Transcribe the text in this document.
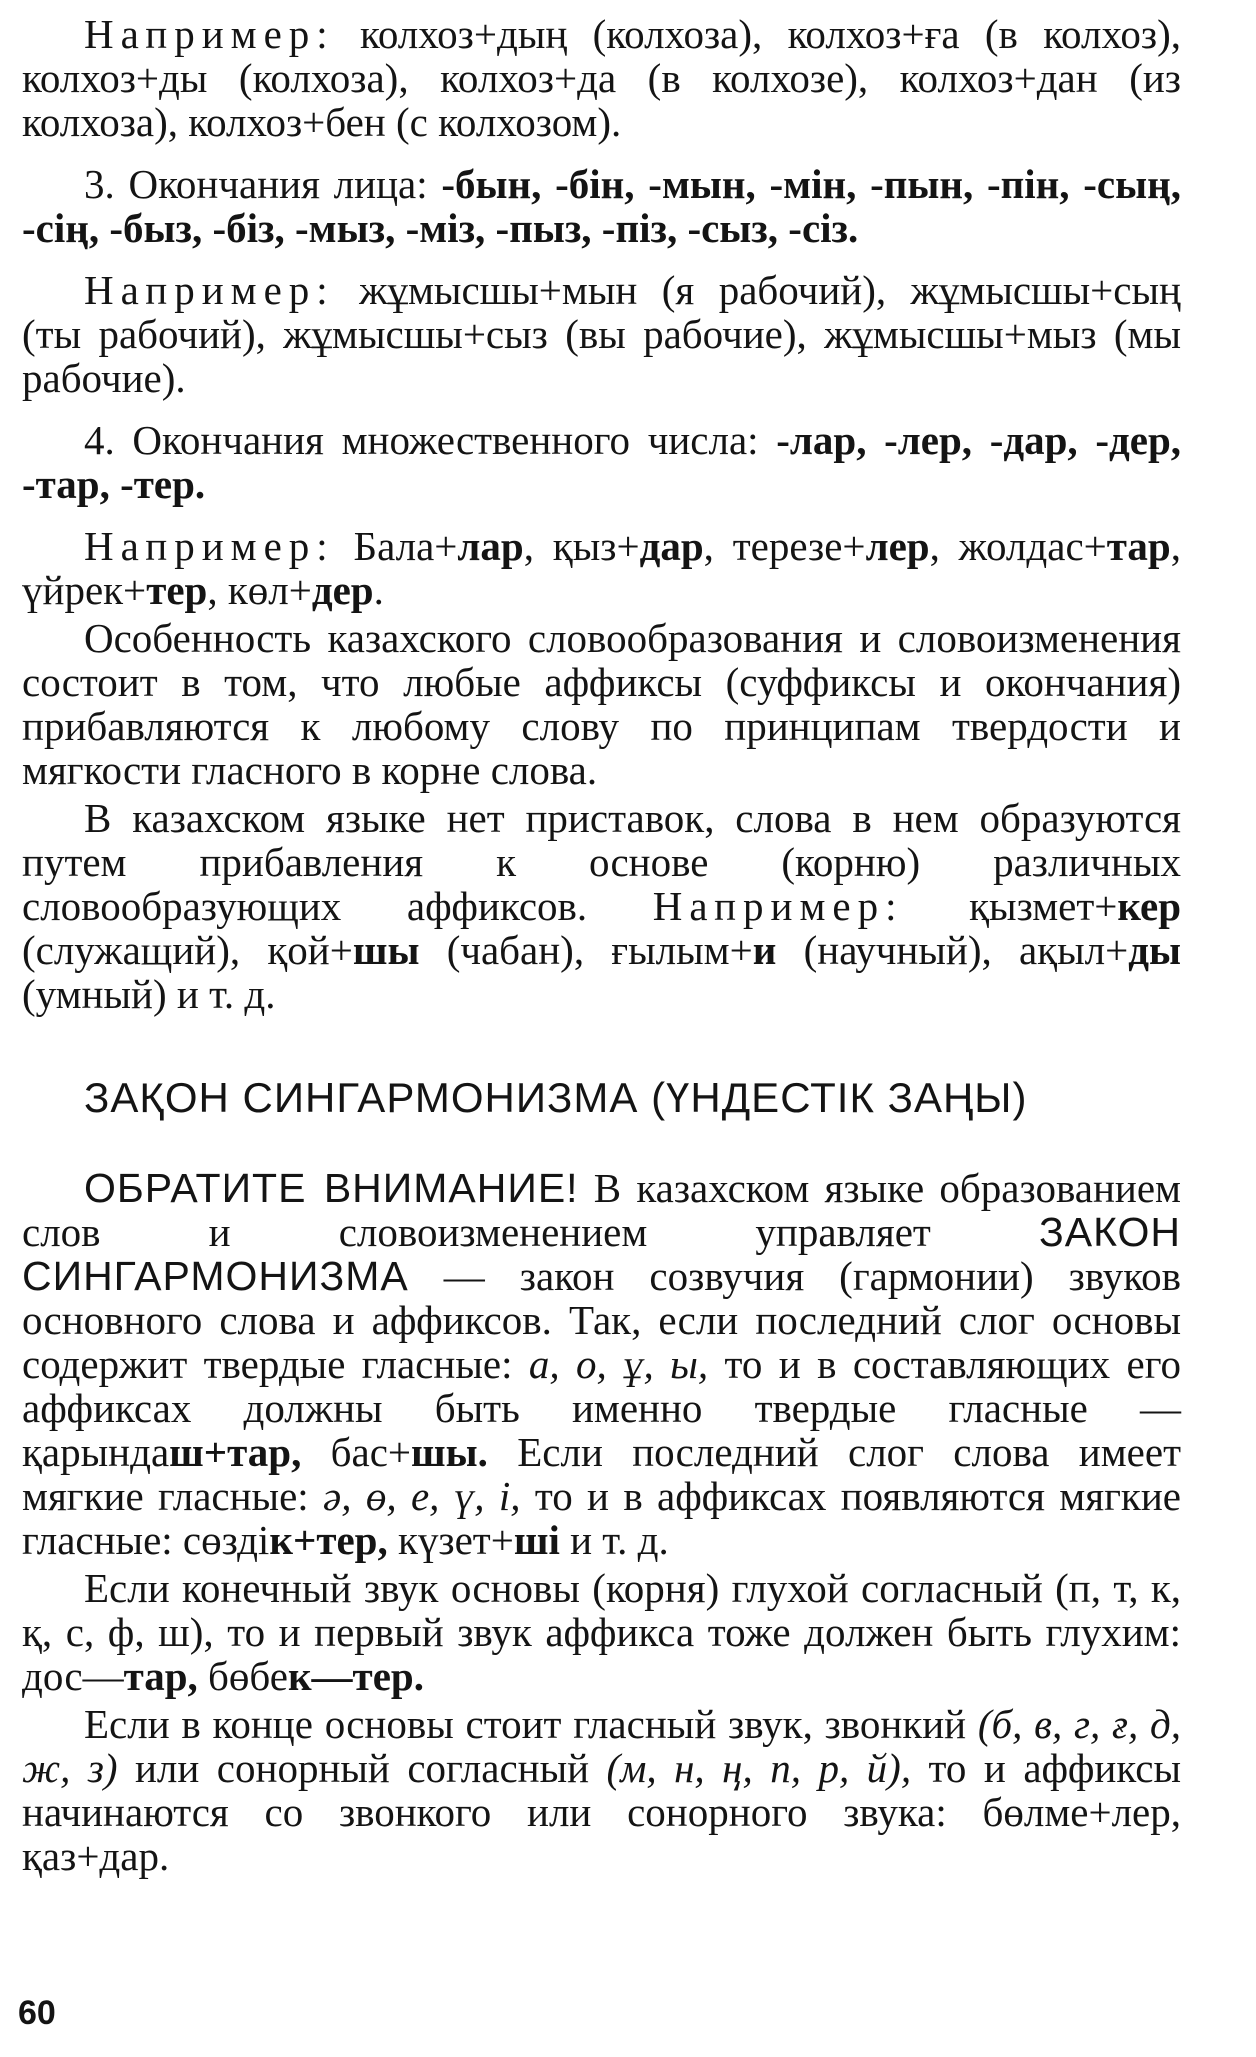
Например: колхоз+дың (колхоза), колхоз+ға (в колхоз), колхоз+ды (колхоза), колхоз+да (в колхозе), колхоз+дан (из колхоза), колхоз+бен (с колхозом).

3. Окончания лица: -бын, -бін, -мын, -мін, -пын, -пін, -сың, -сің, -быз, -біз, -мыз, -міз, -пыз, -піз, -сыз, -сіз.

Например: жұмысшы+мын (я рабочий), жұмысшы+сың (ты рабочий), жұмысшы+сыз (вы рабочие), жұмысшы+мыз (мы рабочие).

4. Окончания множественного числа: -лар, -лер, -дар, -дер, -тар, -тер.

Например: Бала+лар, қыз+дар, терезе+лер, жолдас+тар, үйрек+тер, көл+дер.

Особенность казахского словообразования и словоизменения состоит в том, что любые аффиксы (суффиксы и окончания) прибавляются к любому слову по принципам твердости и мягкости гласного в корне слова.

В казахском языке нет приставок, слова в нем образуются путем прибавления к основе (корню) различных словообразующих аффиксов. Например: қызмет+кер (служащий), қой+шы (чабан), ғылым+и (научный), ақыл+ды (умный) и т. д.

ЗАҚОН СИНГАРМОНИЗМА (ҮНДЕСТІК ЗАҢЫ)

ОБРАТИТЕ ВНИМАНИЕ! В казахском языке образованием слов и словоизменением управляет ЗАКОН СИНГАРМОНИЗМА — закон созвучия (гармонии) звуков основного слова и аффиксов. Так, если последний слог основы содержит твердые гласные: а, о, ұ, ы, то и в составляющих его аффиксах должны быть именно твердые гласные — қарындаш+тар, бас+шы. Если последний слог слова имеет мягкие гласные: ә, ө, е, ү, і, то и в аффиксах появляются мягкие гласные: сөздік+тер, күзет+ші и т. д.

Если конечный звук основы (корня) глухой согласный (п, т, к, қ, с, ф, ш), то и первый звук аффикса тоже должен быть глухим: дос—тар, бөбек—тер.

Если в конце основы стоит гласный звук, звонкий (б, в, г, ғ, д, ж, з) или сонорный согласный (м, н, ң, п, р, й), то и аффиксы начинаются со звонкого или сонорного звука: бөлме+лер, қаз+дар.

60
